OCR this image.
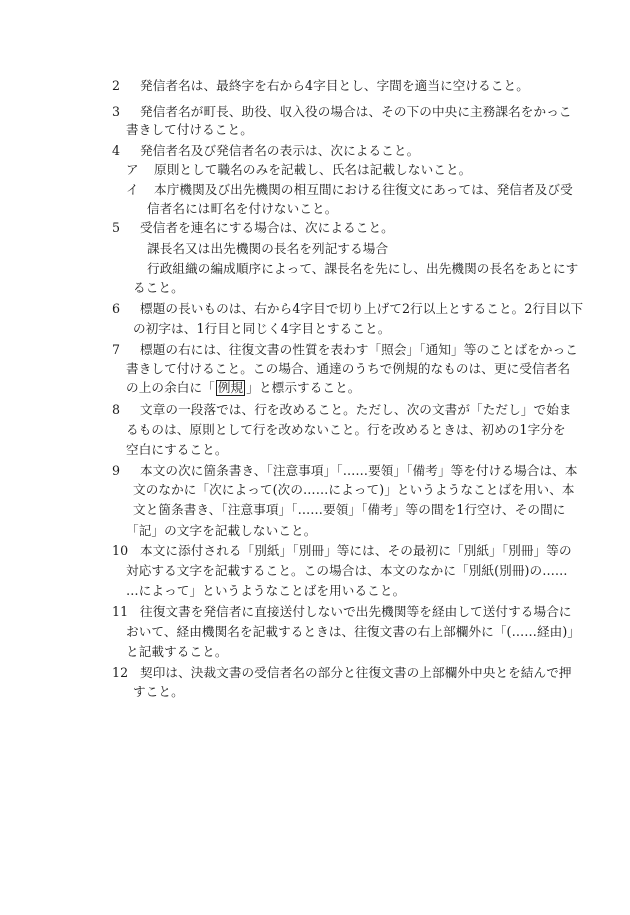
2 発信者名は、最終字を右から4字目とし、字間を適当に空けること。
3 発信者名が町長、助役、収入役の場合は、その下の中央に主務課名をかっこ
書きして付けること。
4 発信者名及び発信者名の表示は、次によること。
ア 原則として職名のみを記載し、氏名は記載しないこと。
イ 本庁機関及び出先機関の相互間における往復文にあっては、発信者及び受
信者名には町名を付けないこと。
5 受信者を連名にする場合は、次によること。
課長名又は出先機関の長名を列記する場合
行政組織の編成順序によって、課長名を先にし、出先機関の長名をあとにす
ること。
6 標題の長いものは、右から4字目で切り上げて2行以上とすること。2行目以下
の初字は、1行目と同じく4字目とすること。
7 標題の右には、往復文書の性質を表わす「照会」「通知」等のことばをかっこ
書きして付けること。この場合、通達のうちで例規的なものは、更に受信者名
の上の余白に「 例規 」と標示すること。
8 文章の一段落では、行を改めること。ただし、次の文書が「ただし」で始ま
るものは、原則として行を改めないこと。行を改めるときは、初めの1字分を
空白にすること。
9 本文の次に箇条書き、「注意事項」「……要領」「備考」等を付ける場合は、本
文のなかに「次によって(次の……によって)」というようなことばを用い、本
文と箇条書き、「注意事項」「……要領」「備考」等の間を1行空け、その間に
「記」の文字を記載しないこと。
10 本文に添付される「別紙」「別冊」等には、その最初に「別紙」「別冊」等の
対応する文字を記載すること。この場合は、本文のなかに「別紙(別冊)の……
…によって」というようなことばを用いること。
11 往復文書を発信者に直接送付しないで出先機関等を経由して送付する場合に
おいて、経由機関名を記載するときは、往復文書の右上部欄外に「(……経由)」
と記載すること。
12 契印は、決裁文書の受信者名の部分と往復文書の上部欄外中央とを結んで押
すこと。
